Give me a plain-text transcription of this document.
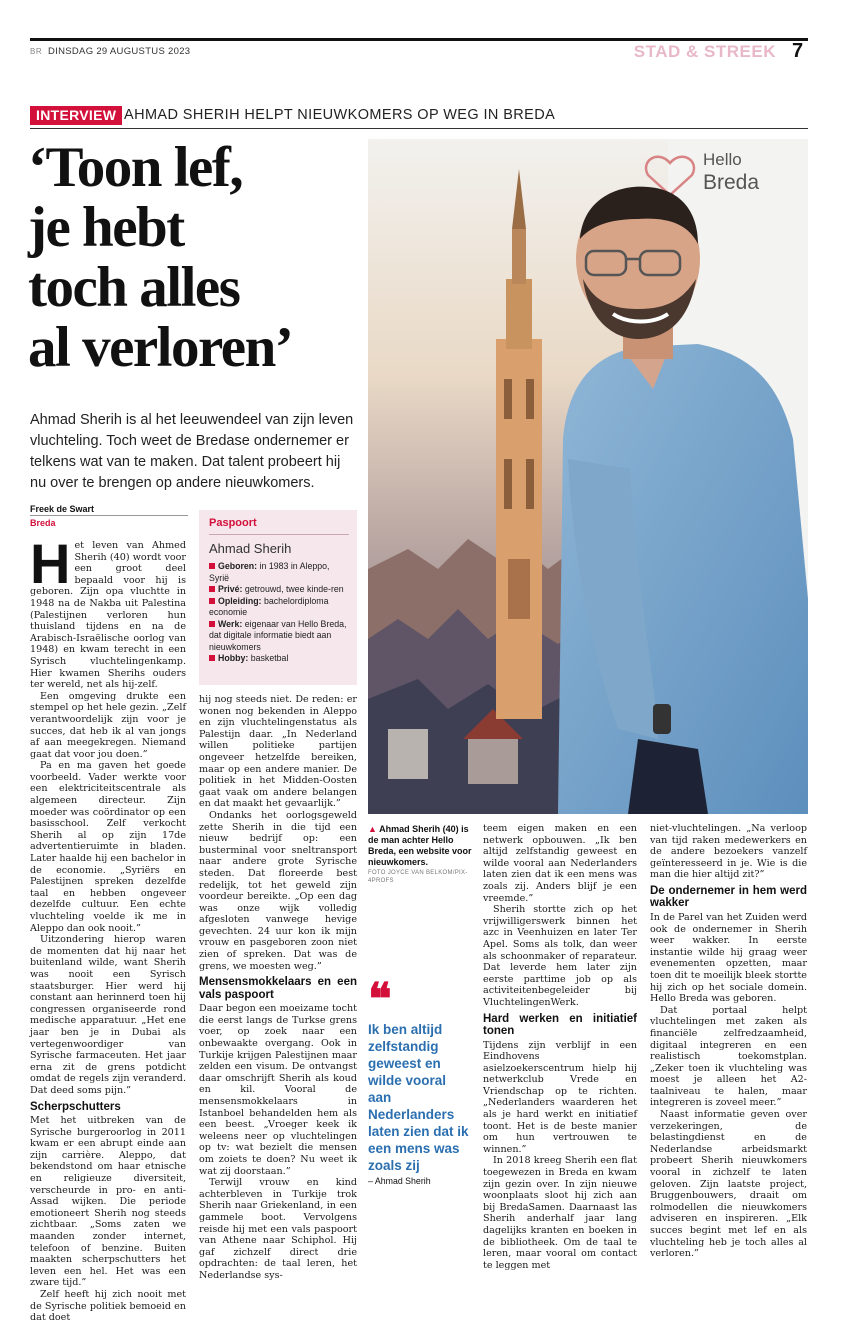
BR DINSDAG 29 AUGUSTUS 2023	STAD & STREEK 7
INTERVIEW AHMAD SHERIH HELPT NIEUWKOMERS OP WEG IN BREDA
‘Toon lef,
je hebt
toch alles
al verloren’
Ahmad Sherih is al het leeuwendeel van zijn leven vluchteling. Toch weet de Bredase ondernemer er telkens wat van te maken. Dat talent probeert hij nu over te brengen op andere nieuwkomers.
Freek de Swart
Breda	Paspoort
Ahmad Sherih
Geboren: in 1983 in Aleppo, Syrië
Privé: getrouwd, twee kinde-ren
Opleiding: bachelordiploma economie
Werk: eigenaar van Hello Breda, dat digitale informatie biedt aan nieuwkomers
Hobby: basketbal
Hello
Breda
▲ Ahmad Sherih (40) is de man achter Hello Breda, een website voor nieuwkomers.
FOTO JOYCE VAN BELKOM/PIX-4PROFS
❝
Ik ben altijd zelfstandig geweest en wilde vooral aan Nederlanders laten zien dat ik een mens was zoals zij
– Ahmad Sherih

Het leven van Ahmed Sherih (40) wordt voor een groot deel bepaald voor hij is geboren. Zijn opa vluchtte in 1948 na de Nakba uit Palestina (Palestijnen verloren hun thuisland tijdens en na de Arabisch-Israëlische oorlog van 1948) en kwam terecht in een Syrisch vluchtelingenkamp. Hier kwamen Sherihs ouders ter wereld, net als hij-zelf.

Een omgeving drukte een stempel op het hele gezin. „Zelf verantwoordelijk zijn voor je succes, dat heb ik al van jongs af aan meegekregen. Niemand gaat dat voor jou doen.”

Pa en ma gaven het goede voorbeeld. Vader werkte voor een elektriciteitscentrale als algemeen directeur. Zijn moeder was coördinator op een basisschool. Zelf verkocht Sherih al op zijn 17de advertentieruimte in bladen. Later haalde hij een bachelor in de economie. „Syriërs en Palestijnen spreken dezelfde taal en hebben ongeveer dezelfde cultuur. Een echte vluchteling voelde ik me in Aleppo dan ook nooit.”

Uitzondering hierop waren de momenten dat hij naar het buitenland wilde, want Sherih was nooit een Syrisch staatsburger. Hier werd hij constant aan herinnerd toen hij congressen organiseerde rond medische apparatuur. „Het ene jaar ben je in Dubai als vertegenwoordiger van Syrische farmaceuten. Het jaar erna zit de grens potdicht omdat de regels zijn veranderd. Dat deed soms pijn.”

Scherpschutters

Met het uitbreken van de Syrische burgeroorlog in 2011 kwam er een abrupt einde aan zijn carrière. Aleppo, dat bekendstond om haar etnische en religieuze diversiteit, verscheurde in pro- en anti-Assad wijken. Die periode emotioneert Sherih nog steeds zichtbaar. „Soms zaten we maanden zonder internet, telefoon of benzine. Buiten maakten scherpschutters het leven een hel. Het was een zware tijd.”

Zelf heeft hij zich nooit met de Syrische politiek bemoeid en dat doet

hij nog steeds niet. De reden: er wonen nog bekenden in Aleppo en zijn vluchtelingenstatus als Palestijn daar. „In Nederland willen politieke partijen ongeveer hetzelfde bereiken, maar op een andere manier. De politiek in het Midden-Oosten gaat vaak om andere belangen en dat maakt het gevaarlijk.”

Ondanks het oorlogsgeweld zette Sherih in die tijd een nieuw bedrijf op: een busterminal voor sneltransport naar andere grote Syrische steden. Dat floreerde best redelijk, tot het geweld zijn voordeur bereikte. „Op een dag was onze wijk volledig afgesloten vanwege hevige gevechten. 24 uur kon ik mijn vrouw en pasgeboren zoon niet zien of spreken. Dat was de grens, we moesten weg.”

Mensensmokkelaars en een vals paspoort

Daar begon een moeizame tocht die eerst langs de Turkse grens voer, op zoek naar een onbewaakte overgang. Ook in Turkije krijgen Palestijnen maar zelden een visum. De ontvangst daar omschrijft Sherih als koud en kil. Vooral de mensensmokkelaars in Istanboel behandelden hem als een beest. „Vroeger keek ik weleens neer op vluchtelingen op tv: wat bezielt die mensen om zoiets te doen? Nu weet ik wat zij doorstaan.”

Terwijl vrouw en kind achterbleven in Turkije trok Sherih naar Griekenland, in een gammele boot. Vervolgens reisde hij met een vals paspoort van Athene naar Schiphol. Hij gaf zichzelf direct drie opdrachten: de taal leren, het Nederlandse sys-

teem eigen maken en een netwerk opbouwen. „Ik ben altijd zelfstandig geweest en wilde vooral aan Nederlanders laten zien dat ik een mens was zoals zij. Anders blijf je een vreemde.”

Sherih stortte zich op het vrijwilligerswerk binnen het azc in Veenhuizen en later Ter Apel. Soms als tolk, dan weer als schoonmaker of reparateur. Dat leverde hem later zijn eerste parttime job op als activiteitenbegeleider bij VluchtelingenWerk.

Hard werken en initiatief tonen

Tijdens zijn verblijf in een Eindhovens asielzoekerscentrum hielp hij netwerkclub Vrede en Vriendschap op te richten. „Nederlanders waarderen het als je hard werkt en initiatief toont. Het is de beste manier om hun vertrouwen te winnen.”

In 2018 kreeg Sherih een flat toegewezen in Breda en kwam zijn gezin over. In zijn nieuwe woonplaats sloot hij zich aan bij BredaSamen. Daarnaast las Sherih anderhalf jaar lang dagelijks kranten en boeken in de bibliotheek. Om de taal te leren, maar vooral om contact te leggen met

niet-vluchtelingen. „Na verloop van tijd raken medewerkers en de andere bezoekers vanzelf geïnteresseerd in je. Wie is die man die hier altijd zit?”

De ondernemer in hem werd wakker

In de Parel van het Zuiden werd ook de ondernemer in Sherih weer wakker. In eerste instantie wilde hij graag weer evenementen opzetten, maar toen dit te moeilijk bleek stortte hij zich op het sociale domein. Hello Breda was geboren.

Dat portaal helpt vluchtelingen met zaken als financiële zelfredzaamheid, digitaal integreren en een realistisch toekomstplan. „Zeker toen ik vluchteling was moest je alleen het A2-taalniveau te halen, maar integreren is zoveel meer.”

Naast informatie geven over verzekeringen, de belastingdienst en de Nederlandse arbeidsmarkt probeert Sherih nieuwkomers vooral in zichzelf te laten geloven. Zijn laatste project, Bruggenbouwers, draait om rolmodellen die nieuwkomers adviseren en inspireren. „Elk succes begint met lef en als vluchteling heb je toch alles al verloren.”
